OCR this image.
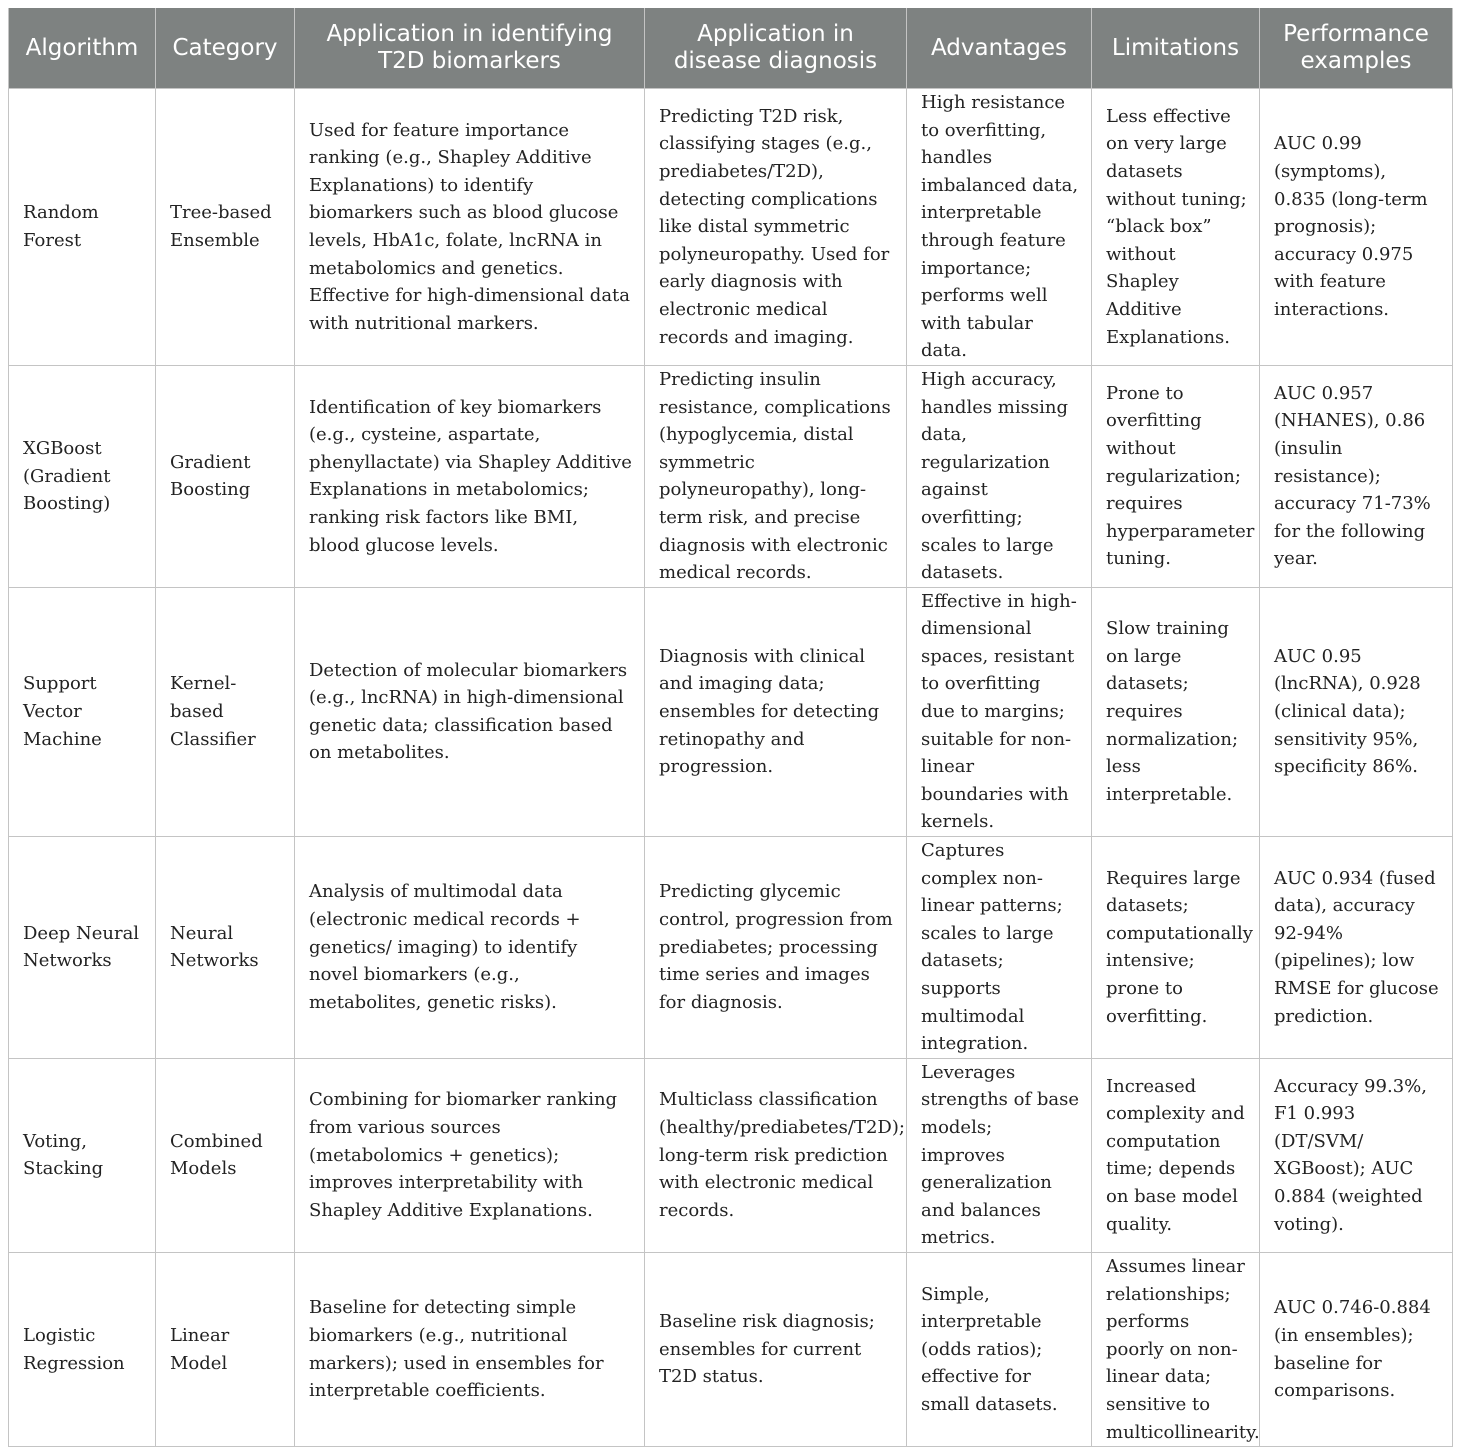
Algorithm	Category	Application in identifying T2D biomarkers	Application in disease diagnosis	Advantages	Limitations	Performance examples
Random Forest	Tree-based Ensemble	Used for feature importance ranking (e.g., Shapley Additive Explanations) to identify biomarkers such as blood glucose levels, HbA1c, folate, lncRNA in metabolomics and genetics. Effective for high-dimensional data with nutritional markers.	Predicting T2D risk, classifying stages (e.g., prediabetes/T2D), detecting complications like distal symmetric polyneuropathy. Used for early diagnosis with electronic medical records and imaging.	High resistance to overfitting, handles imbalanced data, interpretable through feature importance; performs well with tabular data.	Less effective on very large datasets without tuning; “black box” without Shapley Additive Explanations.	AUC 0.99 (symptoms), 0.835 (long-term prognosis); accuracy 0.975 with feature interactions.
XGBoost (Gradient Boosting)	Gradient Boosting	Identification of key biomarkers (e.g., cysteine, aspartate, phenyllactate) via Shapley Additive Explanations in metabolomics; ranking risk factors like BMI, blood glucose levels.	Predicting insulin resistance, complications (hypoglycemia, distal symmetric polyneuropathy), long-term risk, and precise diagnosis with electronic medical records.	High accuracy, handles missing data, regularization against overfitting; scales to large datasets.	Prone to overfitting without regularization; requires hyperparameter tuning.	AUC 0.957 (NHANES), 0.86 (insulin resistance); accuracy 71-73% for the following year.
Support Vector Machine	Kernel-based Classifier	Detection of molecular biomarkers (e.g., lncRNA) in high-dimensional genetic data; classification based on metabolites.	Diagnosis with clinical and imaging data; ensembles for detecting retinopathy and progression.	Effective in high-dimensional spaces, resistant to overfitting due to margins; suitable for non-linear boundaries with kernels.	Slow training on large datasets; requires normalization; less interpretable.	AUC 0.95 (lncRNA), 0.928 (clinical data); sensitivity 95%, specificity 86%.
Deep Neural Networks	Neural Networks	Analysis of multimodal data (electronic medical records + genetics/ imaging) to identify novel biomarkers (e.g., metabolites, genetic risks).	Predicting glycemic control, progression from prediabetes; processing time series and images for diagnosis.	Captures complex non-linear patterns; scales to large datasets; supports multimodal integration.	Requires large datasets; computationally intensive; prone to overfitting.	AUC 0.934 (fused data), accuracy 92-94% (pipelines); low RMSE for glucose prediction.
Voting, Stacking	Combined Models	Combining for biomarker ranking from various sources (metabolomics + genetics); improves interpretability with Shapley Additive Explanations.	Multiclass classification (healthy/prediabetes/T2D); long-term risk prediction with electronic medical records.	Leverages strengths of base models; improves generalization and balances metrics.	Increased complexity and computation time; depends on base model quality.	Accuracy 99.3%, F1 0.993 (DT/SVM/ XGBoost); AUC 0.884 (weighted voting).
Logistic Regression	Linear Model	Baseline for detecting simple biomarkers (e.g., nutritional markers); used in ensembles for interpretable coefficients.	Baseline risk diagnosis; ensembles for current T2D status.	Simple, interpretable (odds ratios); effective for small datasets.	Assumes linear relationships; performs poorly on non-linear data; sensitive to multicollinearity.	AUC 0.746-0.884 (in ensembles); baseline for comparisons.
